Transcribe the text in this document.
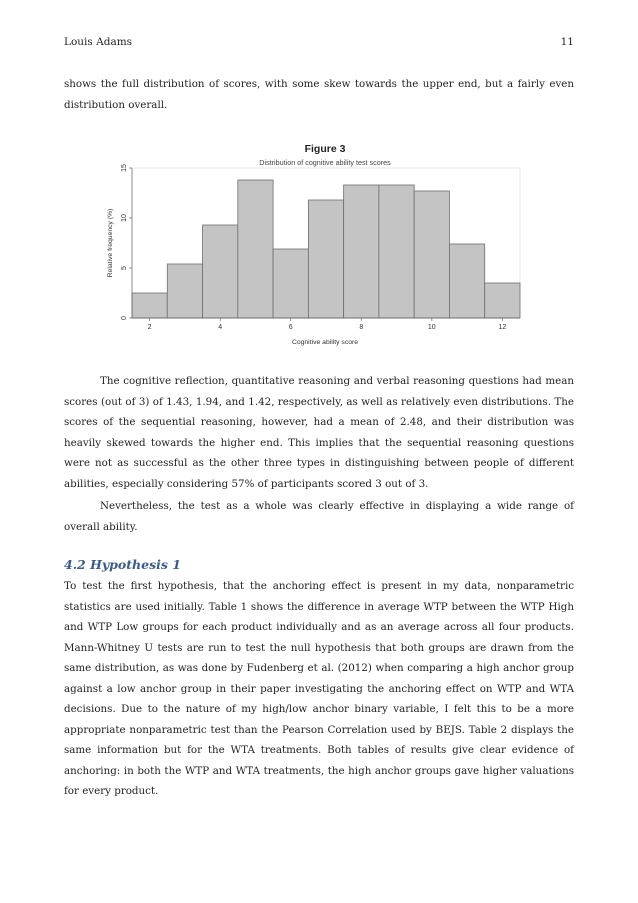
Louis Adams	11

shows the full distribution of scores, with some skew towards the upper end, but a fairly even distribution overall.

Figure 3
Distribution of cognitive ability test scores
Cognitive ability score
Relative frequency (%)
2	4	6	8	10	12
0
5
10
15

The cognitive reflection, quantitative reasoning and verbal reasoning questions had mean scores (out of 3) of 1.43, 1.94, and 1.42, respectively, as well as relatively even distributions. The scores of the sequential reasoning, however, had a mean of 2.48, and their distribution was heavily skewed towards the higher end. This implies that the sequential reasoning questions were not as successful as the other three types in distinguishing between people of different abilities, especially considering 57% of participants scored 3 out of 3.

Nevertheless, the test as a whole was clearly effective in displaying a wide range of overall ability.

4.2 Hypothesis 1

To test the first hypothesis, that the anchoring effect is present in my data, nonparametric statistics are used initially. Table 1 shows the difference in average WTP between the WTP High and WTP Low groups for each product individually and as an average across all four products. Mann-Whitney U tests are run to test the null hypothesis that both groups are drawn from the same distribution, as was done by Fudenberg et al. (2012) when comparing a high anchor group against a low anchor group in their paper investigating the anchoring effect on WTP and WTA decisions. Due to the nature of my high/low anchor binary variable, I felt this to be a more appropriate nonparametric test than the Pearson Correlation used by BEJS. Table 2 displays the same information but for the WTA treatments. Both tables of results give clear evidence of anchoring: in both the WTP and WTA treatments, the high anchor groups gave higher valuations for every product.
